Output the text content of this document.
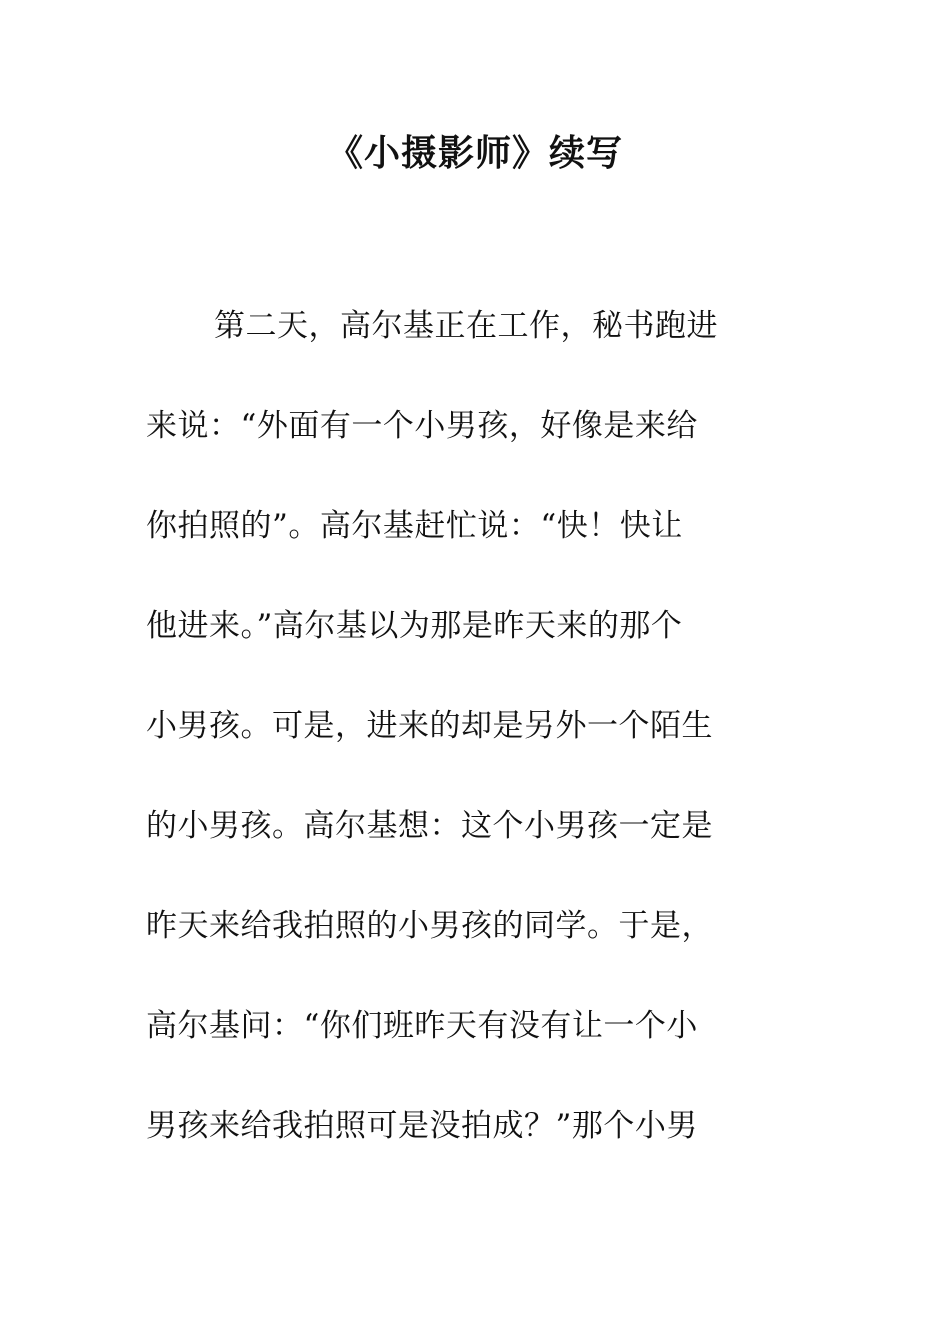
《小摄影师》续写
第二天，高尔基正在工作，秘书跑进
来说：“外面有一个小男孩，好像是来给
你拍照的”。高尔基赶忙说：“快！快让
他进来。”高尔基以为那是昨天来的那个
小男孩。可是，进来的却是另外一个陌生
的小男孩。高尔基想：这个小男孩一定是
昨天来给我拍照的小男孩的同学。于是，
高尔基问：“你们班昨天有没有让一个小
男孩来给我拍照可是没拍成？”那个小男
